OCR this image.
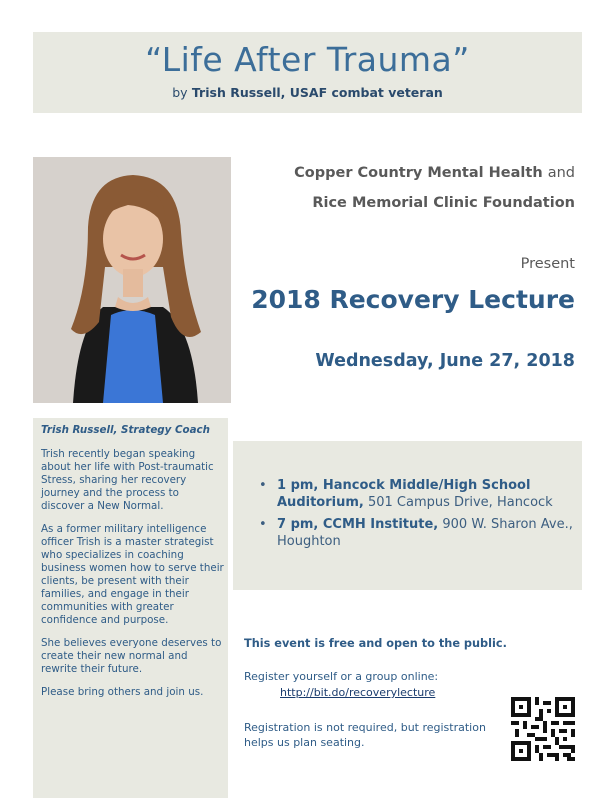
“Life After Trauma”
by Trish Russell, USAF combat veteran
Copper Country Mental Health and
Rice Memorial Clinic Foundation
Present
2018 Recovery Lecture
Wednesday, June 27, 2018
Trish Russell, Strategy Coach

Trish recently began speaking about her life with Post-traumatic Stress, sharing her recovery journey and the process to discover a New Normal.

As a former military intelligence officer Trish is a master strategist who specializes in coaching business women how to serve their clients, be present with their families, and engage in their communities with greater confidence and purpose.

She believes everyone deserves to create their new normal and rewrite their future.

Please bring others and join us.

• 1 pm, Hancock Middle/High School Auditorium, 501 Campus Drive, Hancock
• 7 pm, CCMH Institute, 900 W. Sharon Ave., Houghton
This event is free and open to the public.
Register yourself or a group online:
http://bit.do/recoverylecture
Registration is not required, but registration helps us plan seating.
